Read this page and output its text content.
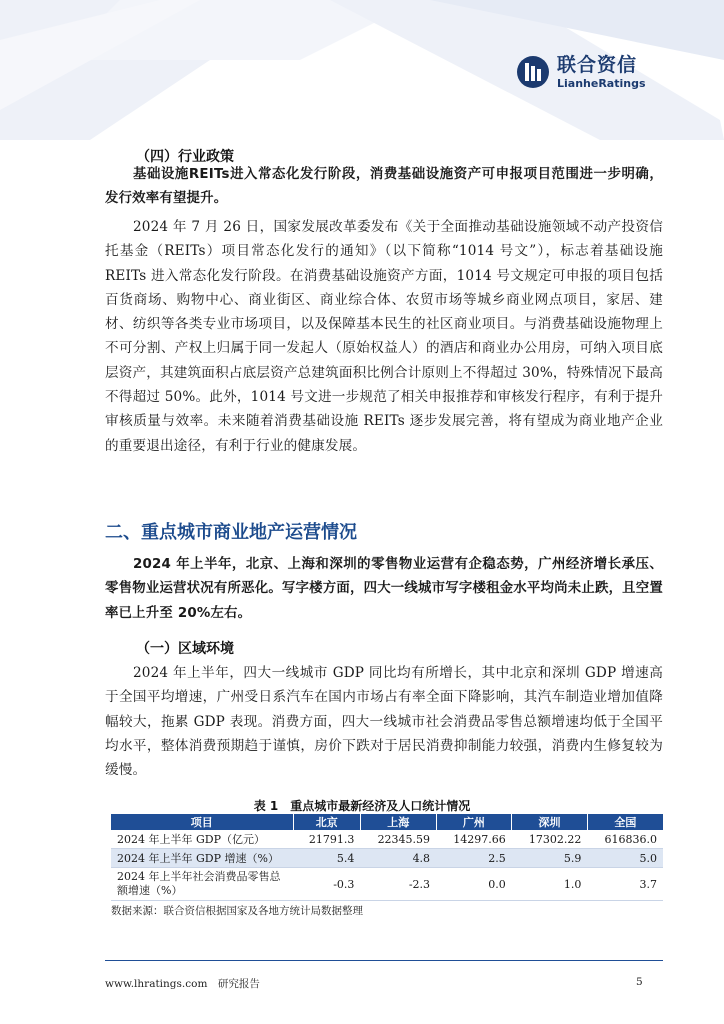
联合资信
LianheRatings
（四）行业政策
基础设施REITs进入常态化发行阶段，消费基础设施资产可申报项目范围进一步明确，发行效率有望提升。
2024 年 7 月 26 日，国家发展改革委发布《关于全面推动基础设施领域不动产投资信托基金（REITs）项目常态化发行的通知》（以下简称“1014 号文”），标志着基础设施 REITs 进入常态化发行阶段。在消费基础设施资产方面，1014 号文规定可申报的项目包括百货商场、购物中心、商业街区、商业综合体、农贸市场等城乡商业网点项目，家居、建材、纺织等各类专业市场项目，以及保障基本民生的社区商业项目。与消费基础设施物理上不可分割、产权上归属于同一发起人（原始权益人）的酒店和商业办公用房，可纳入项目底层资产，其建筑面积占底层资产总建筑面积比例合计原则上不得超过 30%，特殊情况下最高不得超过 50%。此外，1014 号文进一步规范了相关申报推荐和审核发行程序，有利于提升审核质量与效率。未来随着消费基础设施 REITs 逐步发展完善，将有望成为商业地产企业的重要退出途径，有利于行业的健康发展。
二、重点城市商业地产运营情况
2024 年上半年，北京、上海和深圳的零售物业运营有企稳态势，广州经济增长承压、零售物业运营状况有所恶化。写字楼方面，四大一线城市写字楼租金水平均尚未止跌，且空置率已上升至 20%左右。
（一）区域环境
2024 年上半年，四大一线城市 GDP 同比均有所增长，其中北京和深圳 GDP 增速高于全国平均增速，广州受日系汽车在国内市场占有率全面下降影响，其汽车制造业增加值降幅较大，拖累 GDP 表现。消费方面，四大一线城市社会消费品零售总额增速均低于全国平均水平，整体消费预期趋于谨慎，房价下跌对于居民消费抑制能力较强，消费内生修复较为缓慢。
表 1　重点城市最新经济及人口统计情况
项目	北京	上海	广州	深圳	全国
2024 年上半年 GDP（亿元）	21791.3	22345.59	14297.66	17302.22	616836.0
2024 年上半年 GDP 增速（%）	5.4	4.8	2.5	5.9	5.0
2024 年上半年社会消费品零售总额增速（%）	-0.3	-2.3	0.0	1.0	3.7
数据来源：联合资信根据国家及各地方统计局数据整理
www.lhratings.com　研究报告	5
